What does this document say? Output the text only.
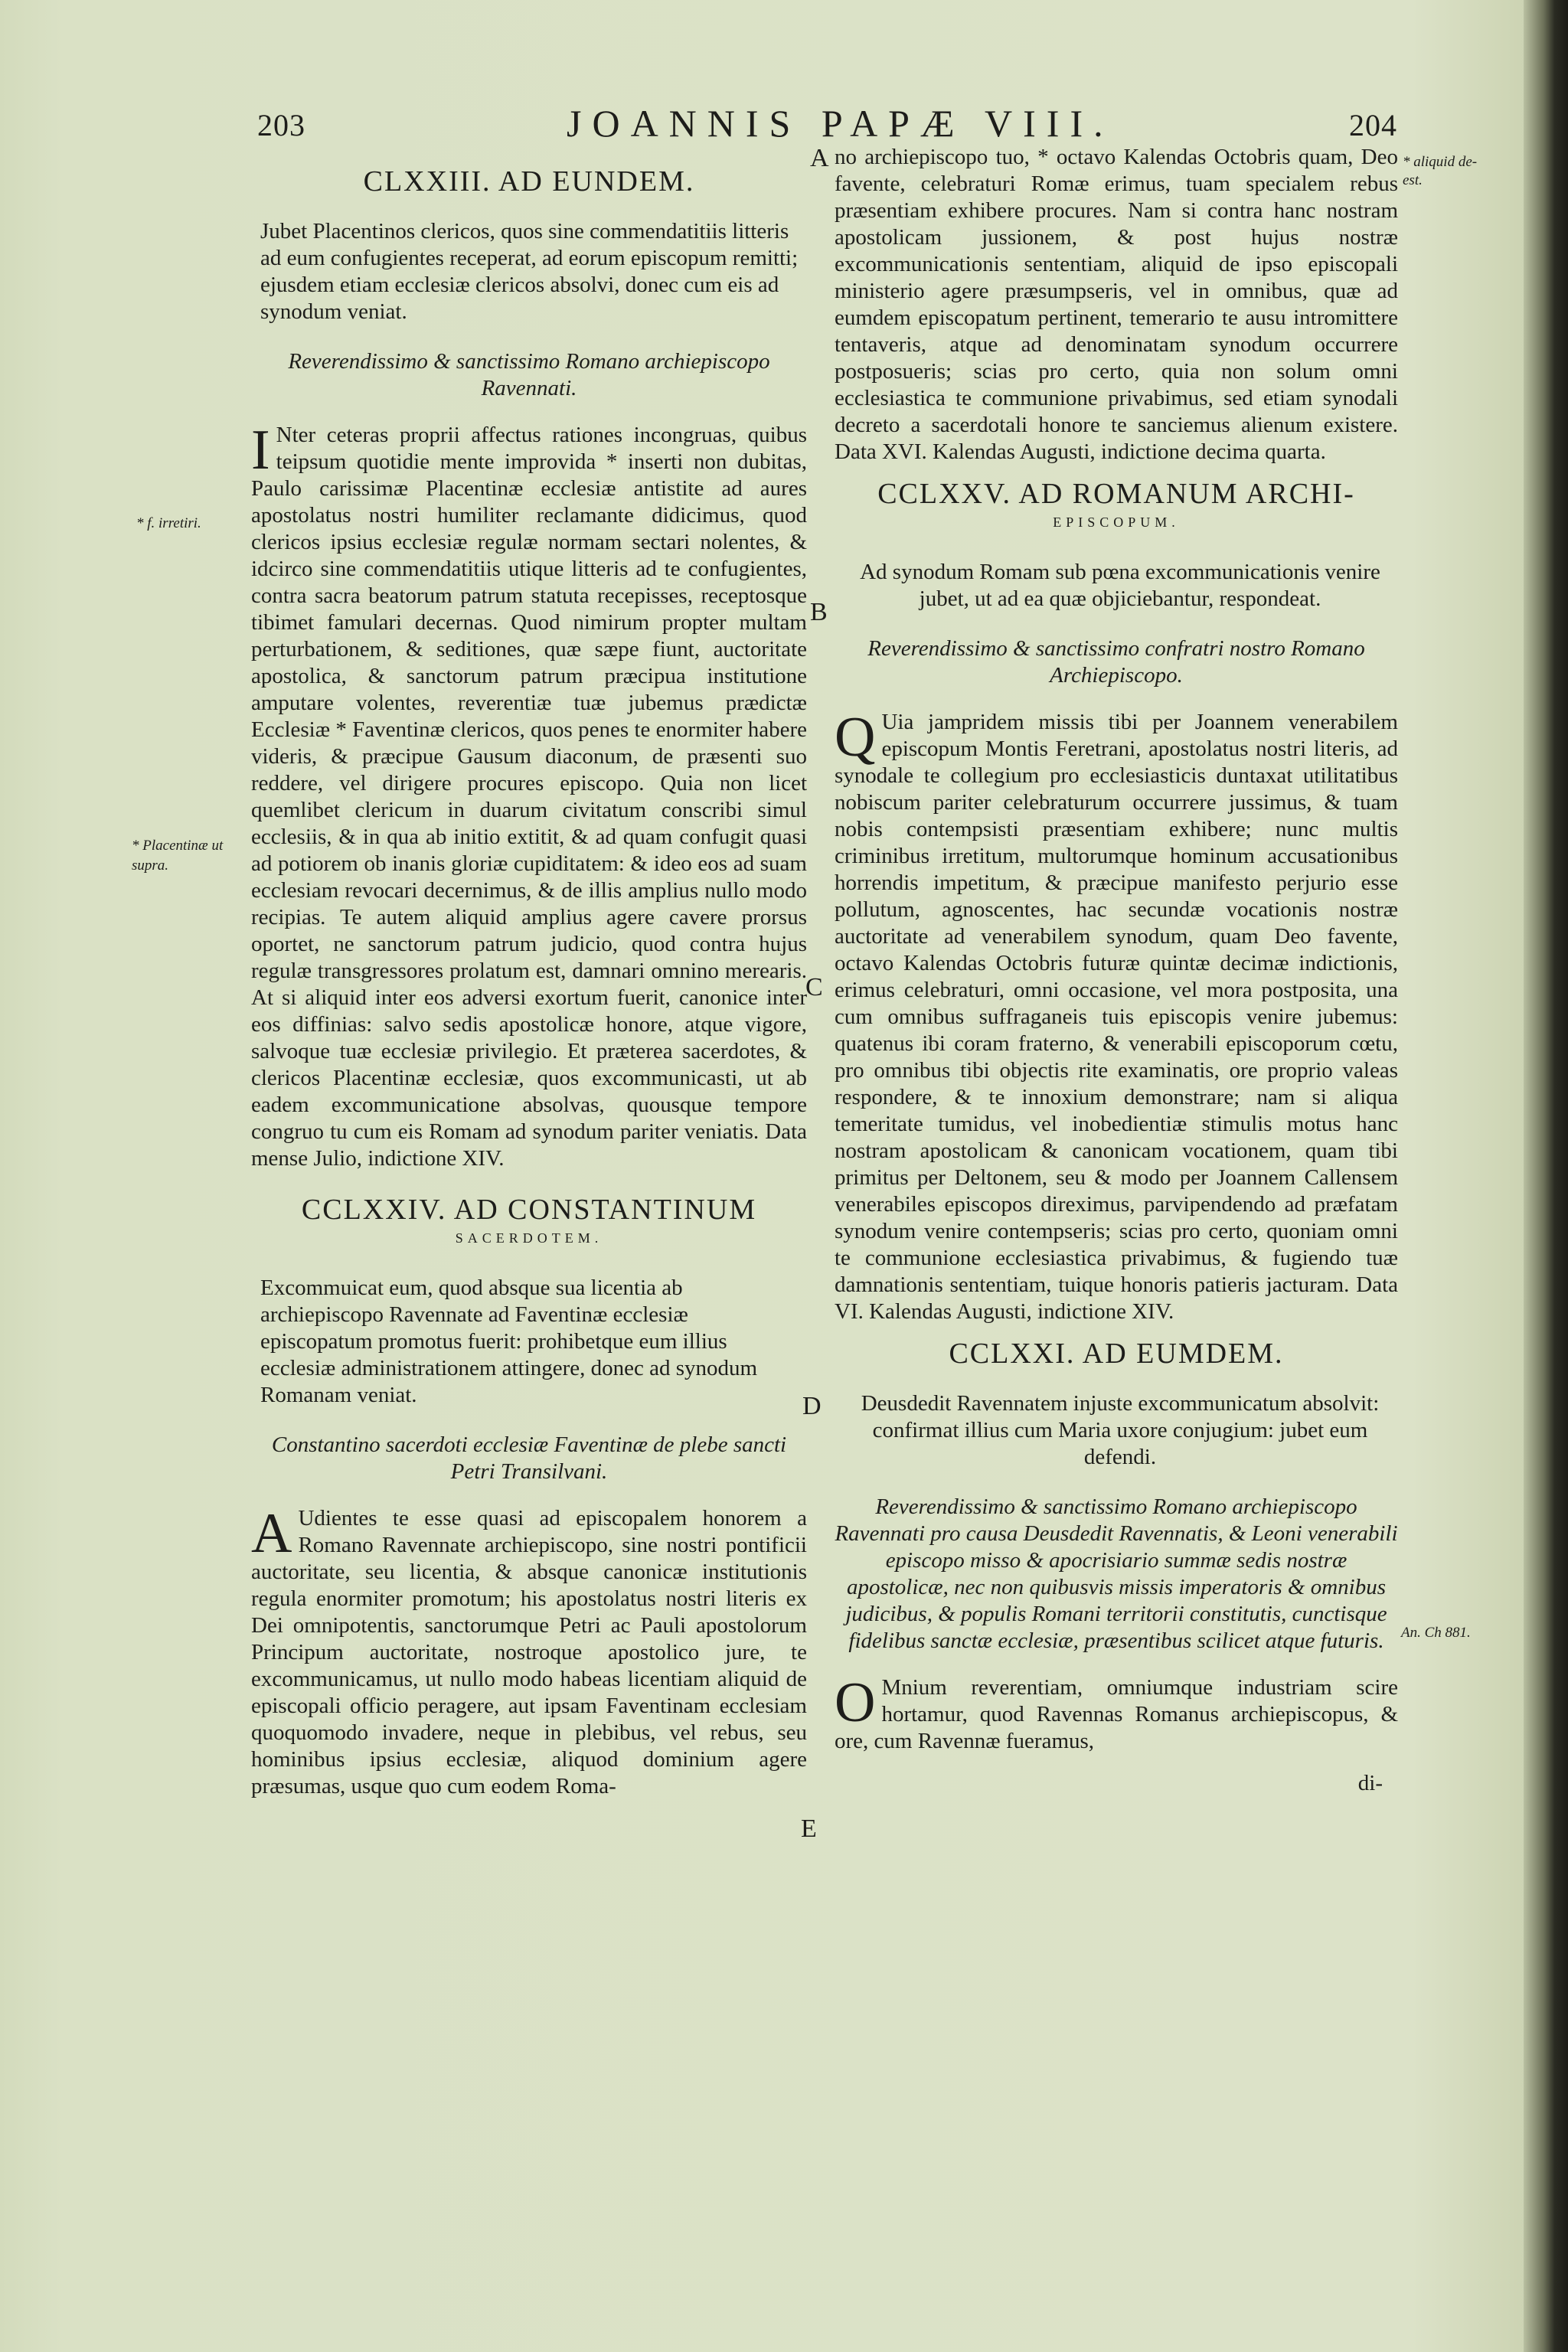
203	JOANNIS PAPÆ VIII.	204
* f. irretiri.
* Placentinæ ut supra.
* aliquid de- est.
An. Ch 881.
A
B
C
D
E
CLXXIII. AD EUNDEM.
Jubet Placentinos clericos, quos sine commendatitiis litteris ad eum confugientes receperat, ad eorum episcopum remitti; ejusdem etiam ecclesiæ clericos absolvi, donec cum eis ad synodum veniat.
Reverendissimo & sanctissimo Romano archiepiscopo Ravennati.
I Nter ceteras proprii affectus rationes incongruas, quibus teipsum quotidie mente improvida * inserti non dubitas, Paulo carissimæ Placentinæ ecclesiæ antistite ad aures apostolatus nostri humiliter reclamante didicimus, quod clericos ipsius ecclesiæ regulæ normam sectari nolentes, & idcirco sine commendatitiis utique litteris ad te confugientes, contra sacra beatorum patrum statuta recepisses, receptosque tibimet famulari decernas. Quod nimirum propter multam perturbationem, & seditiones, quæ sæpe fiunt, auctoritate apostolica, & sanctorum patrum præcipua institutione amputare volentes, reverentiæ tuæ jubemus prædictæ Ecclesiæ * Faventinæ clericos, quos penes te enormiter habere videris, & præcipue Gausum diaconum, de præsenti suo reddere, vel dirigere procures episcopo. Quia non licet quemlibet clericum in duarum civitatum conscribi simul ecclesiis, & in qua ab initio extitit, & ad quam confugit quasi ad potiorem ob inanis gloriæ cupiditatem: & ideo eos ad suam ecclesiam revocari decernimus, & de illis amplius nullo modo recipias. Te autem aliquid amplius agere cavere prorsus oportet, ne sanctorum patrum judicio, quod contra hujus regulæ transgressores prolatum est, damnari omnino merearis. At si aliquid inter eos adversi exortum fuerit, canonice inter eos diffinias: salvo sedis apostolicæ honore, atque vigore, salvoque tuæ ecclesiæ privilegio. Et præterea sacerdotes, & clericos Placentinæ ecclesiæ, quos excommunicasti, ut ab eadem excommunicatione absolvas, quousque tempore congruo tu cum eis Romam ad synodum pariter veniatis. Data mense Julio, indictione XIV.
CCLXXIV. AD CONSTANTINUM
SACERDOTEM.
Excommuicat eum, quod absque sua licentia ab archiepiscopo Ravennate ad Faventinæ ecclesiæ episcopatum promotus fuerit: prohibetque eum illius ecclesiæ administrationem attingere, donec ad synodum Romanam veniat.
Constantino sacerdoti ecclesiæ Faventinæ de plebe sancti Petri Transilvani.
A Udientes te esse quasi ad episcopalem honorem a Romano Ravennate archiepiscopo, sine nostri pontificii auctoritate, seu licentia, & absque canonicæ institutionis regula enormiter promotum; his apostolatus nostri literis ex Dei omnipotentis, sanctorumque Petri ac Pauli apostolorum Principum auctoritate, nostroque apostolico jure, te excommunicamus, ut nullo modo habeas licentiam aliquid de episcopali officio peragere, aut ipsam Faventinam ecclesiam quoquomodo invadere, neque in plebibus, vel rebus, seu hominibus ipsius ecclesiæ, aliquod dominium agere præsumas, usque quo cum eodem Roma-
no archiepiscopo tuo, * octavo Kalendas Octobris quam, Deo favente, celebraturi Romæ erimus, tuam specialem rebus præsentiam exhibere procures. Nam si contra hanc nostram apostolicam jussionem, & post hujus nostræ excommunicationis sententiam, aliquid de ipso episcopali ministerio agere præsumpseris, vel in omnibus, quæ ad eumdem episcopatum pertinent, temerario te ausu intromittere tentaveris, atque ad denominatam synodum occurrere postposueris; scias pro certo, quia non solum omni ecclesiastica te communione privabimus, sed etiam synodali decreto a sacerdotali honore te sanciemus alienum existere. Data XVI. Kalendas Augusti, indictione decima quarta.
CCLXXV. AD ROMANUM ARCHI-
EPISCOPUM.
Ad synodum Romam sub pœna excommunicationis venire jubet, ut ad ea quæ objiciebantur, respondeat.
Reverendissimo & sanctissimo confratri nostro Romano Archiepiscopo.
Q Uia jampridem missis tibi per Joannem venerabilem episcopum Montis Feretrani, apostolatus nostri literis, ad synodale te collegium pro ecclesiasticis duntaxat utilitatibus nobiscum pariter celebraturum occurrere jussimus, & tuam nobis contempsisti præsentiam exhibere; nunc multis criminibus irretitum, multorumque hominum accusationibus horrendis impetitum, & præcipue manifesto perjurio esse pollutum, agnoscentes, hac secundæ vocationis nostræ auctoritate ad venerabilem synodum, quam Deo favente, octavo Kalendas Octobris futuræ quintæ decimæ indictionis, erimus celebraturi, omni occasione, vel mora postposita, una cum omnibus suffraganeis tuis episcopis venire jubemus: quatenus ibi coram fraterno, & venerabili episcoporum cœtu, pro omnibus tibi objectis rite examinatis, ore proprio valeas respondere, & te innoxium demonstrare; nam si aliqua temeritate tumidus, vel inobedientiæ stimulis motus hanc nostram apostolicam & canonicam vocationem, quam tibi primitus per Deltonem, seu & modo per Joannem Callensem venerabiles episcopos direximus, parvipendendo ad præfatam synodum venire contempseris; scias pro certo, quoniam omni te communione ecclesiastica privabimus, & fugiendo tuæ damnationis sententiam, tuique honoris patieris jacturam. Data VI. Kalendas Augusti, indictione XIV.
CCLXXI. AD EUMDEM.
Deusdedit Ravennatem injuste excommunicatum absolvit: confirmat illius cum Maria uxore conjugium: jubet eum defendi.
Reverendissimo & sanctissimo Romano archiepiscopo Ravennati pro causa Deusdedit Ravennatis, & Leoni venerabili episcopo misso & apocrisiario summæ sedis nostræ apostolicæ, nec non quibusvis missis imperatoris & omnibus judicibus, & populis Romani territorii constitutis, cunctisque fidelibus sanctæ ecclesiæ, præsentibus scilicet atque futuris.
O Mnium reverentiam, omniumque industriam scire hortamur, quod Ravennas Romanus archiepiscopus, & ore, cum Ravennæ fueramus,
di-
